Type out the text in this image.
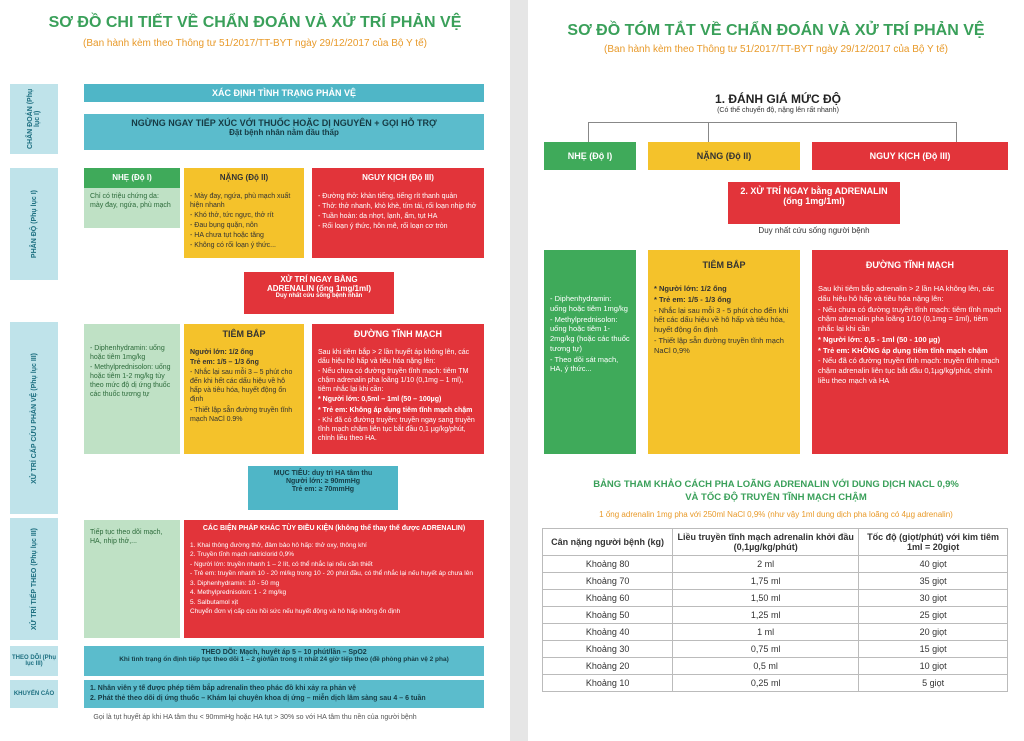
SƠ ĐỒ CHI TIẾT VỀ CHẨN ĐOÁN VÀ XỬ TRÍ PHẢN VỆ
(Ban hành kèm theo Thông tư 51/2017/TT-BYT ngày 29/12/2017 của Bộ Y tế)
CHẨN ĐOÁN (Phụ lục I)
PHÂN ĐỘ (Phụ lục I)
XỬ TRÍ CẤP CỨU PHẢN VỆ (Phụ lục III)
XỬ TRÍ TIẾP THEO (Phụ lục III)
THEO DÕI (Phụ lục III)
KHUYẾN CÁO
XÁC ĐỊNH TÌNH TRẠNG PHẢN VỆ
NGỪNG NGAY TIẾP XÚC VỚI THUỐC HOẶC DỊ NGUYÊN + GỌI HỖ TRỢ
Đặt bệnh nhân nằm đầu thấp
NHẸ (Độ I)
Chỉ có triệu chứng da: mày đay, ngứa, phù mạch
NẶNG (Độ II)
- Mày đay, ngứa, phù mạch xuất hiện nhanh
- Khó thở, tức ngực, thở rít
- Đau bụng quặn, nôn
- HA chưa tụt hoặc tăng
- Không có rối loạn ý thức...
NGUY KỊCH (Độ III)
- Đường thở: khàn tiếng, tiếng rít thanh quản
- Thở: thở nhanh, khò khè, tím tái, rối loạn nhịp thở
- Tuần hoàn: da nhợt, lạnh, ẩm, tụt HA
- Rối loạn ý thức, hôn mê, rối loạn cơ tròn
XỬ TRÍ NGAY BẰNG
ADRENALIN (ống 1mg/1ml)
Duy nhất cứu sống bệnh nhân
- Diphenhydramin: uống hoặc tiêm 1mg/kg
- Methylprednisolon: uống hoặc tiêm 1-2 mg/kg tùy theo mức độ dị ứng thuốc các thuốc tương tự
TIÊM BẮP
Người lớn: 1/2 ống
Trẻ em: 1/5 – 1/3 ống
- Nhắc lại sau mỗi 3 – 5 phút cho đến khi hết các dấu hiệu về hô hấp và tiêu hóa, huyết động ổn định
- Thiết lập sẵn đường truyền tĩnh mạch NaCl 0.9%
ĐƯỜNG TĨNH MẠCH
Sau khi tiêm bắp > 2 lần huyết áp không lên, các dấu hiệu hô hấp và tiêu hóa nặng lên:
- Nếu chưa có đường truyền tĩnh mạch: tiêm TM chậm adrenalin pha loãng 1/10 (0,1mg – 1 ml), tiêm nhắc lại khi cần:
* Người lớn: 0,5ml – 1ml (50 – 100µg)
* Trẻ em: Không áp dụng tiêm tĩnh mạch chậm
- Khi đã có đường truyền: truyền ngay sang truyền tĩnh mạch chậm liên tục bắt đầu 0,1 µg/kg/phút, chỉnh liều theo HA.
MỤC TIÊU: duy trì HA tâm thu
Người lớn: ≥ 90mmHg
Trẻ em: ≥ 70mmHg
Tiếp tục theo dõi mạch, HA, nhịp thở,...
CÁC BIỆN PHÁP KHÁC TÙY ĐIỀU KIỆN (không thể thay thế được ADRENALIN)
1. Khai thông đường thở, đảm bảo hô hấp: thở oxy, thông khí
2. Truyền tĩnh mạch natriclorid 0,9%
- Người lớn: truyền nhanh 1 – 2 lít, có thể nhắc lại nếu cần thiết
- Trẻ em: truyền nhanh 10 - 20 ml/kg trong 10 - 20 phút đầu, có thể nhắc lại nếu huyết áp chưa lên
3. Diphenhydramin: 10 - 50 mg
4. Methylprednisolon: 1 - 2 mg/kg
5. Salbutamol xịt
Chuyển đơn vị cấp cứu hồi sức nếu huyết động và hô hấp không ổn định
THEO DÕI: Mạch, huyết áp 5 – 10 phút/lần – SpO2
Khi tình trạng ổn định tiếp tục theo dõi 1 – 2 giờ/lần trong ít nhất 24 giờ tiếp theo (đề phòng phản vệ 2 pha)
1. Nhân viên y tế được phép tiêm bắp adrenalin theo phác đồ khi xảy ra phản vệ
2. Phát thẻ theo dõi dị ứng thuốc – Khám lại chuyên khoa dị ứng – miễn dịch lâm sàng sau 4 – 6 tuần
Gọi là tụt huyết áp khi HA tâm thu < 90mmHg hoặc HA tụt > 30% so với HA tâm thu nền của người bệnh
SƠ ĐỒ TÓM TẮT VỀ CHẨN ĐOÁN VÀ XỬ TRÍ PHẢN VỆ
(Ban hành kèm theo Thông tư 51/2017/TT-BYT ngày 29/12/2017 của Bộ Y tế)
1. ĐÁNH GIÁ MỨC ĐỘ
(Có thể chuyển độ, nặng lên rất nhanh)
NHẸ (Độ I)	NẶNG (Độ II)	NGUY KỊCH (Độ III)
2. XỬ TRÍ NGAY bằng ADRENALIN
(ống 1mg/1ml)
Duy nhất cứu sống người bệnh
- Diphenhydramin: uống hoặc tiêm 1mg/kg
- Methylprednisolon: uống hoặc tiêm 1-2mg/kg (hoặc các thuốc tương tự)
- Theo dõi sát mạch, HA, ý thức...
TIÊM BẮP
* Người lớn: 1/2 ống
* Trẻ em: 1/5 - 1/3 ống
- Nhắc lại sau mỗi 3 - 5 phút cho đến khi hết các dấu hiệu về hô hấp và tiêu hóa, huyết động ổn định
- Thiết lập sẵn đường truyền tĩnh mạch NaCl 0,9%
ĐƯỜNG TĨNH MẠCH
Sau khi tiêm bắp adrenalin > 2 lần HA không lên, các dấu hiệu hô hấp và tiêu hóa nặng lên:
- Nếu chưa có đường truyền tĩnh mạch: tiêm tĩnh mạch chậm adrenalin pha loãng 1/10 (0,1mg = 1ml), tiêm nhắc lại khi cần
* Người lớn: 0,5 - 1ml (50 - 100 µg)
* Trẻ em: KHÔNG áp dụng tiêm tĩnh mạch chậm
- Nếu đã có đường truyền tĩnh mạch: truyền tĩnh mạch chậm adrenalin liên tục bắt đầu 0,1µg/kg/phút, chỉnh liều theo mạch và HA
BẢNG THAM KHẢO CÁCH PHA LOÃNG ADRENALIN VỚI DUNG DỊCH NACL 0,9%
VÀ TỐC ĐỘ TRUYỀN TĨNH MẠCH CHẬM
1 ống adrenalin 1mg pha với 250ml NaCl 0,9% (như vậy 1ml dung dịch pha loãng có 4µg adrenalin)
Cân nặng người bệnh (kg)	Liều truyền tĩnh mạch adrenalin khởi đầu (0,1µg/kg/phút)	Tốc độ (giọt/phút) với kim tiêm 1ml = 20giọt
Khoảng 80	2 ml	40 giọt
Khoảng 70	1,75 ml	35 giọt
Khoảng 60	1,50 ml	30 giọt
Khoảng 50	1,25 ml	25 giọt
Khoảng 40	1 ml	20 giọt
Khoảng 30	0,75 ml	15 giọt
Khoảng 20	0,5 ml	10 giọt
Khoảng 10	0,25 ml	5 giọt
